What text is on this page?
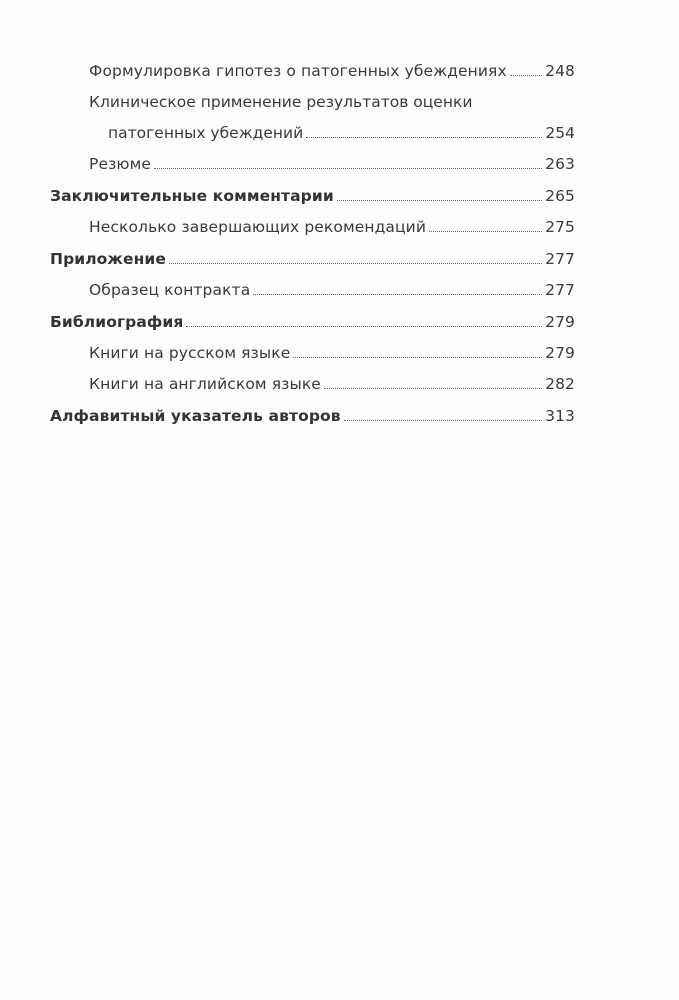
Формулировка гипотез о патогенных убеждениях 248
Клиническое применение результатов оценки
патогенных убеждений	254
Резюме	263
Заключительные комментарии	265
Несколько завершающих рекомендаций	275
Приложение	277
Образец контракта	277
Библиография	279
Книги на русском языке	279
Книги на английском языке	282
Алфавитный указатель авторов	313
